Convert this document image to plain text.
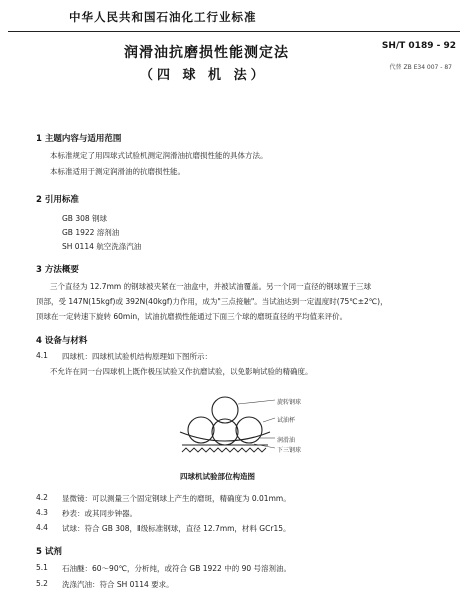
中华人民共和国石油化工行业标准
SH/T 0189 - 92
代替 ZB E34 007 - 87
润滑油抗磨损性能测定法
（四 球 机 法）
1 主题内容与适用范围
本标准规定了用四球式试验机测定润滑油抗磨损性能的具体方法。
本标准适用于测定润滑油的抗磨损性能。
2 引用标准
GB 308 钢球
GB 1922 溶剂油
SH 0114 航空洗涤汽油
3 方法概要
三个直径为 12.7mm 的钢球被夹紧在一油盒中，并被试油覆盖。另一个同一直径的钢球置于三球
顶部，受 147N(15kgf)或 392N(40kgf)力作用，成为"三点接触"。当试油达到一定温度时(75℃±2℃)，
顶球在一定转速下旋转 60min，试油抗磨损性能通过下面三个球的磨斑直径的平均值来评价。
4 设备与材料
4.1 四球机：四球机试验机结构原理如下图所示：
不允许在同一台四球机上既作极压试验又作抗磨试验，以免影响试验的精确度。
旋转钢球
试油杯
润滑油
下三钢球
四球机试验部位构造图
4.2 显微镜：可以测量三个固定钢球上产生的磨斑，精确度为 0.01mm。
4.3 秒表：或其同步钟器。
4.4 试球：符合 GB 308，Ⅱ级标准钢球，直径 12.7mm，材料 GCr15。
5 试剂
5.1 石油醚：60～90℃，分析纯，或符合 GB 1922 中的 90 号溶剂油。
5.2 洗涤汽油：符合 SH 0114 要求。
